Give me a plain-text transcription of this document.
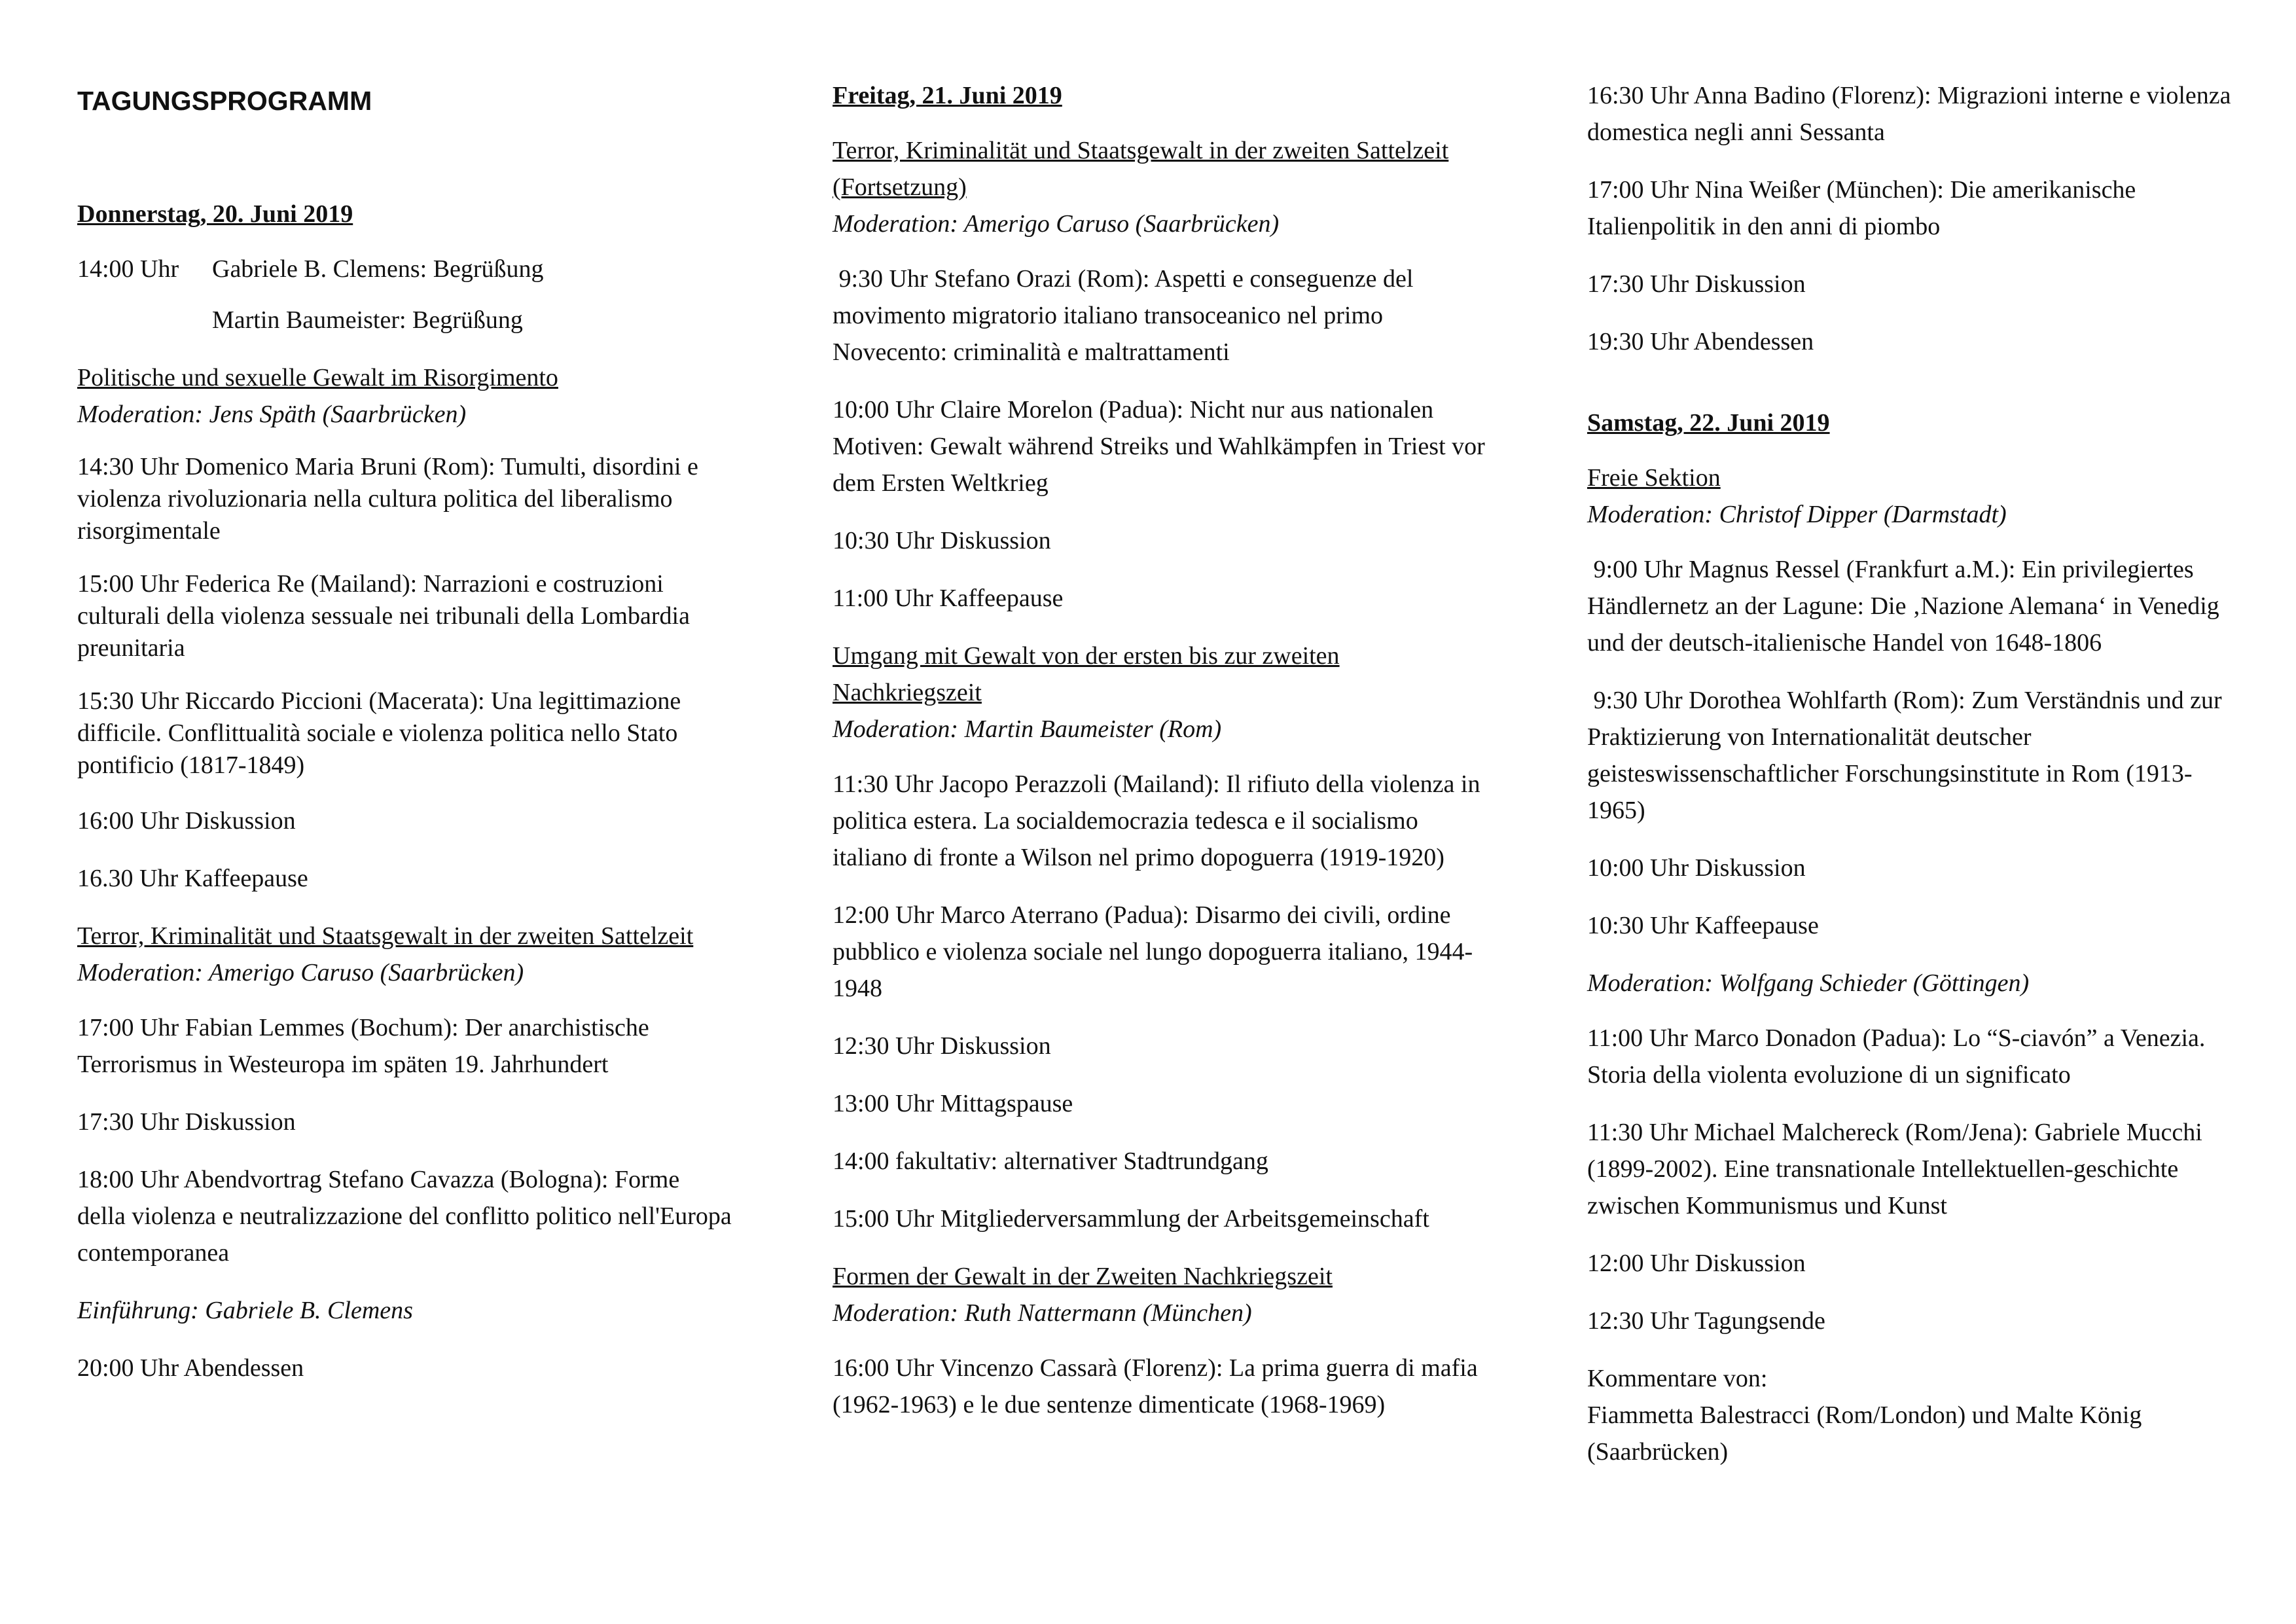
TAGUNGSPROGRAMM
Donnerstag, 20. Juni 2019
14:00 Uhr	Gabriele B. Clemens: Begrüßung
Martin Baumeister: Begrüßung
Politische und sexuelle Gewalt im Risorgimento
Moderation: Jens Späth (Saarbrücken)
14:30 Uhr Domenico Maria Bruni (Rom): Tumulti, disordini e violenza rivoluzionaria nella cultura politica del liberalismo risorgimentale
15:00 Uhr Federica Re (Mailand): Narrazioni e costruzioni culturali della violenza sessuale nei tribunali della Lombardia preunitaria
15:30 Uhr Riccardo Piccioni (Macerata): Una legittimazione difficile. Conflittualità sociale e violenza politica nello Stato pontificio (1817-1849)
16:00 Uhr Diskussion
16.30 Uhr Kaffeepause
Terror, Kriminalität und Staatsgewalt in der zweiten Sattelzeit
Moderation: Amerigo Caruso (Saarbrücken)
17:00 Uhr Fabian Lemmes (Bochum): Der anarchistische Terrorismus in Westeuropa im späten 19. Jahrhundert
17:30 Uhr Diskussion
18:00 Uhr Abendvortrag Stefano Cavazza (Bologna): Forme della violenza e neutralizzazione del conflitto politico nell'Europa contemporanea
Einführung: Gabriele B. Clemens
20:00 Uhr Abendessen
Freitag, 21. Juni 2019
Terror, Kriminalität und Staatsgewalt in der zweiten Sattelzeit (Fortsetzung)
Moderation: Amerigo Caruso (Saarbrücken)
9:30 Uhr Stefano Orazi (Rom): Aspetti e conseguenze del movimento migratorio italiano transoceanico nel primo Novecento: criminalità e maltrattamenti
10:00 Uhr Claire Morelon (Padua): Nicht nur aus nationalen Motiven: Gewalt während Streiks und Wahlkämpfen in Triest vor dem Ersten Weltkrieg
10:30 Uhr Diskussion
11:00 Uhr Kaffeepause
Umgang mit Gewalt von der ersten bis zur zweiten Nachkriegszeit
Moderation: Martin Baumeister (Rom)
11:30 Uhr Jacopo Perazzoli (Mailand): Il rifiuto della violenza in politica estera. La socialdemocrazia tedesca e il socialismo italiano di fronte a Wilson nel primo dopoguerra (1919-1920)
12:00 Uhr Marco Aterrano (Padua): Disarmo dei civili, ordine pubblico e violenza sociale nel lungo dopoguerra italiano, 1944-1948
12:30 Uhr Diskussion
13:00 Uhr Mittagspause
14:00 fakultativ: alternativer Stadtrundgang
15:00 Uhr Mitgliederversammlung der Arbeitsgemeinschaft
Formen der Gewalt in der Zweiten Nachkriegszeit
Moderation: Ruth Nattermann (München)
16:00 Uhr Vincenzo Cassarà (Florenz): La prima guerra di mafia (1962-1963) e le due sentenze dimenticate (1968-1969)
16:30 Uhr Anna Badino (Florenz): Migrazioni interne e violenza domestica negli anni Sessanta
17:00 Uhr Nina Weißer (München): Die amerikanische Italienpolitik in den anni di piombo
17:30 Uhr Diskussion
19:30 Uhr Abendessen
Samstag, 22. Juni 2019
Freie Sektion
Moderation: Christof Dipper (Darmstadt)
9:00 Uhr Magnus Ressel (Frankfurt a.M.): Ein privilegiertes Händlernetz an der Lagune: Die ‚Nazione Alemana‘ in Venedig und der deutsch-italienische Handel von 1648-1806
9:30 Uhr Dorothea Wohlfarth (Rom): Zum Verständnis und zur Praktizierung von Internationalität deutscher geisteswissenschaftlicher Forschungsinstitute in Rom (1913-1965)
10:00 Uhr Diskussion
10:30 Uhr Kaffeepause
Moderation: Wolfgang Schieder (Göttingen)
11:00 Uhr Marco Donadon (Padua): Lo “S-ciavón” a Venezia. Storia della violenta evoluzione di un significato
11:30 Uhr Michael Malchereck (Rom/Jena): Gabriele Mucchi (1899-2002). Eine transnationale Intellektuellen-geschichte zwischen Kommunismus und Kunst
12:00 Uhr Diskussion
12:30 Uhr Tagungsende
Kommentare von:
Fiammetta Balestracci (Rom/London) und Malte König (Saarbrücken)
